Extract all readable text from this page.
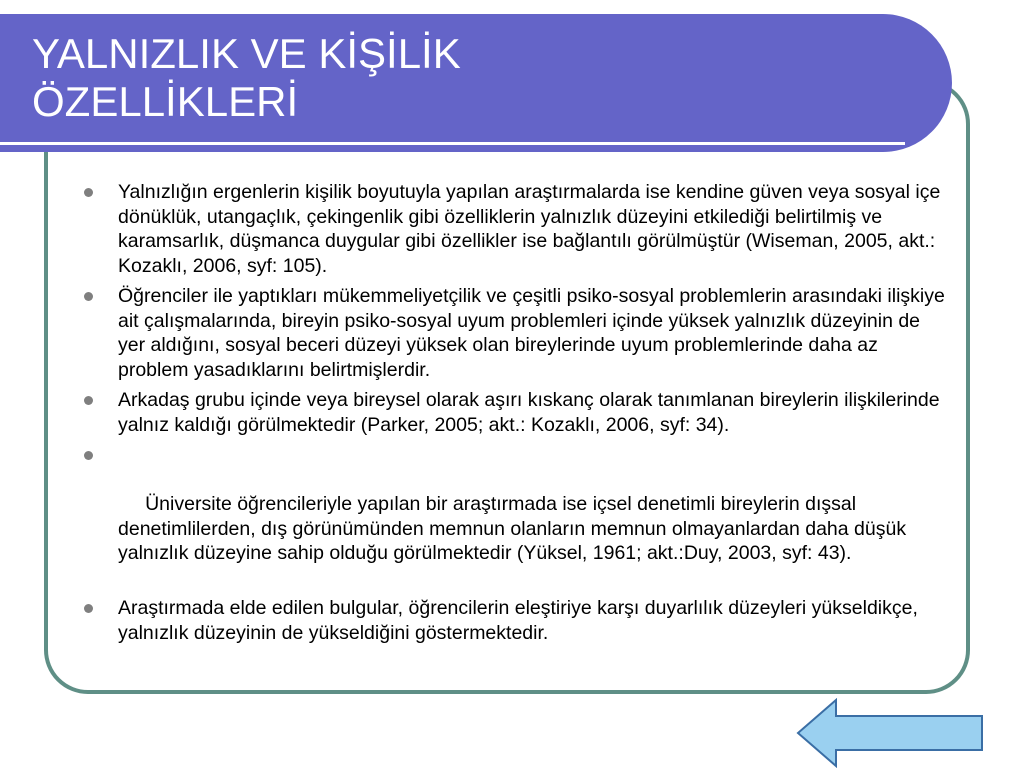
YALNIZLIK VE KİŞİLİK
ÖZELLİKLERİ
Yalnızlığın ergenlerin kişilik boyutuyla yapılan araştırmalarda ise kendine güven veya sosyal içe dönüklük, utangaçlık, çekingenlik gibi özelliklerin yalnızlık düzeyini etkilediği belirtilmiş ve karamsarlık, düşmanca duygular gibi özellikler ise bağlantılı görülmüştür (Wiseman, 2005, akt.: Kozaklı, 2006, syf: 105).
Öğrenciler ile yaptıkları mükemmeliyetçilik ve çeşitli psiko-sosyal problemlerin arasındaki ilişkiye ait çalışmalarında, bireyin psiko-sosyal uyum problemleri içinde yüksek yalnızlık düzeyinin de yer aldığını, sosyal beceri düzeyi yüksek olan bireylerinde uyum problemlerinde daha az problem yasadıklarını belirtmişlerdir.
Arkadaş grubu içinde veya bireysel olarak aşırı kıskanç olarak tanımlanan bireylerin ilişkilerinde yalnız kaldığı görülmektedir (Parker, 2005; akt.: Kozaklı, 2006, syf: 34).

Üniversite öğrencileriyle yapılan bir araştırmada ise içsel denetimli bireylerin dışsal denetimlilerden, dış görünümünden memnun olanların memnun olmayanlardan daha düşük yalnızlık düzeyine sahip olduğu görülmektedir (Yüksel, 1961; akt.:Duy, 2003, syf: 43).

Araştırmada elde edilen bulgular, öğrencilerin eleştiriye karşı duyarlılık düzeyleri yükseldikçe, yalnızlık düzeyinin de yükseldiğini göstermektedir.
